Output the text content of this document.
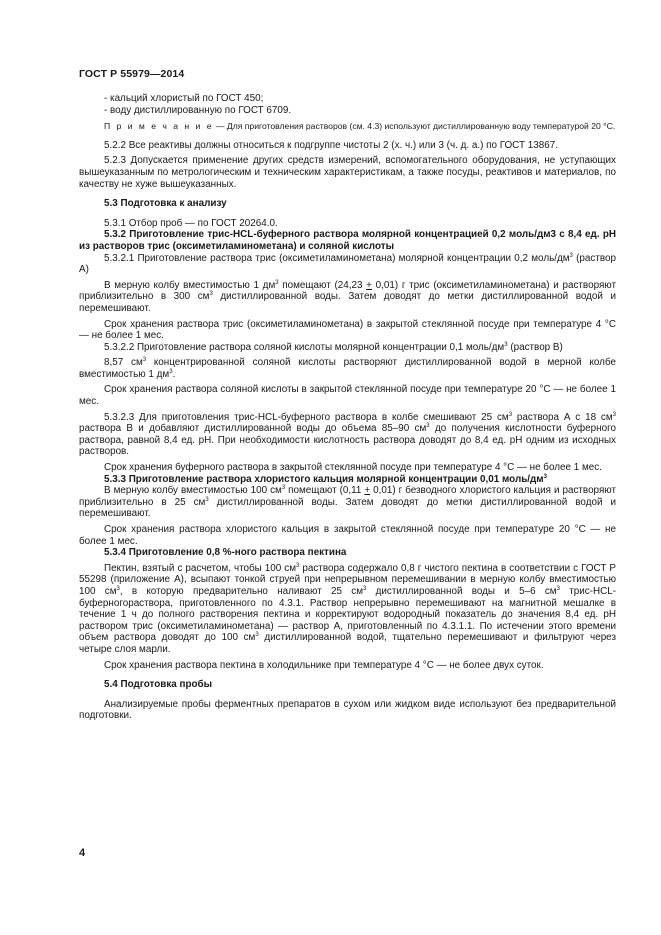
ГОСТ Р 55979—2014

- кальций хлористый по ГОСТ 450;

- воду дистиллированную по ГОСТ 6709.

П р и м е ч а н и е — Для приготовления растворов (см. 4.3) используют дистиллированную воду температурой 20 °С.

5.2.2 Все реактивы должны относиться к подгруппе чистоты 2 (х. ч.) или 3 (ч. д. а.) по ГОСТ 13867.

5.2.3 Допускается применение других средств измерений, вспомогательного оборудования, не уступающих вышеуказанным по метрологическим и техническим характеристикам, а также посуды, реактивов и материалов, по качеству не хуже вышеуказанных.

5.3 Подготовка к анализу

5.3.1 Отбор проб — по ГОСТ 20264.0.

5.3.2 Приготовление трис-HCL-буферного раствора молярной концентрацией 0,2 моль/дм3 с 8,4 ед. pH из растворов трис (оксиметиламинометана) и соляной кислоты

5.3.2.1 Приготовление раствора трис (оксиметиламинометана) молярной концентрации 0,2 моль/$дм^3$ (раствор А)

В мерную колбу вместимостью 1 $дм^3$ помещают (24,23 + 0,01) г трис (оксиметиламинометана) и растворяют приблизительно в 300 $см^3$ дистиллированной воды. Затем доводят до метки дистиллированной водой и перемешивают.

Срок хранения раствора трис (оксиметиламинометана) в закрытой стеклянной посуде при температуре 4 °С — не более 1 мес.

5.3.2.2 Приготовление раствора соляной кислоты молярной концентрации 0,1 моль/$дм^3$ (раствор В)

8,57 $см^3$ концентрированной соляной кислоты растворяют дистиллированной водой в мерной колбе вместимостью 1 $дм^3$.

Срок хранения раствора соляной кислоты в закрытой стеклянной посуде при температуре 20 °С — не более 1 мес.

5.3.2.3 Для приготовления трис-HCL-буферного раствора в колбе смешивают 25 $см^3$ раствора А с 18 $см^3$ раствора В и добавляют дистиллированной воды до объема 85–90 $см^3$ до получения кислотности буферного раствора, равной 8,4 ед. pH. При необходимости кислотность раствора доводят до 8,4 ед. pH одним из исходных растворов.

Срок хранения буферного раствора в закрытой стеклянной посуде при температуре 4 °С — не более 1 мес.

5.3.3 Приготовление раствора хлористого кальция молярной концентрации 0,01 моль/$дм^3$

В мерную колбу вместимостью 100 $см^3$ помещают (0,11 + 0,01) г безводного хлористого кальция и растворяют приблизительно в 25 $см^3$ дистиллированной воды. Затем доводят до метки дистиллированной водой и перемешивают.

Срок хранения раствора хлористого кальция в закрытой стеклянной посуде при температуре 20 °С — не более 1 мес.

5.3.4 Приготовление 0,8 %-ного раствора пектина

Пектин, взятый с расчетом, чтобы 100 $см^3$ раствора содержало 0,8 г чистого пектина в соответствии с ГОСТ Р 55298 (приложение А), всыпают тонкой струей при непрерывном перемешивании в мерную колбу вместимостью 100 $см^3$, в которую предварительно наливают 25 $см^3$ дистиллированной воды и 5–6 $см^3$ трис-HCL-буферногораствора, приготовленного по 4.3.1. Раствор непрерывно перемешивают на магнитной мешалке в течение 1 ч до полного растворения пектина и корректируют водородный показатель до значения 8,4 ед. pH раствором трис (оксиметиламинометана) — раствор А, приготовленный по 4.3.1.1. По истечении этого времени объем раствора доводят до 100 $см^3$ дистиллированной водой, тщательно перемешивают и фильтруют через четыре слоя марли.

Срок хранения раствора пектина в холодильнике при температуре 4 °С — не более двух суток.

5.4 Подготовка пробы

Анализируемые пробы ферментных препаратов в сухом или жидком виде используют без предварительной подготовки.

4
